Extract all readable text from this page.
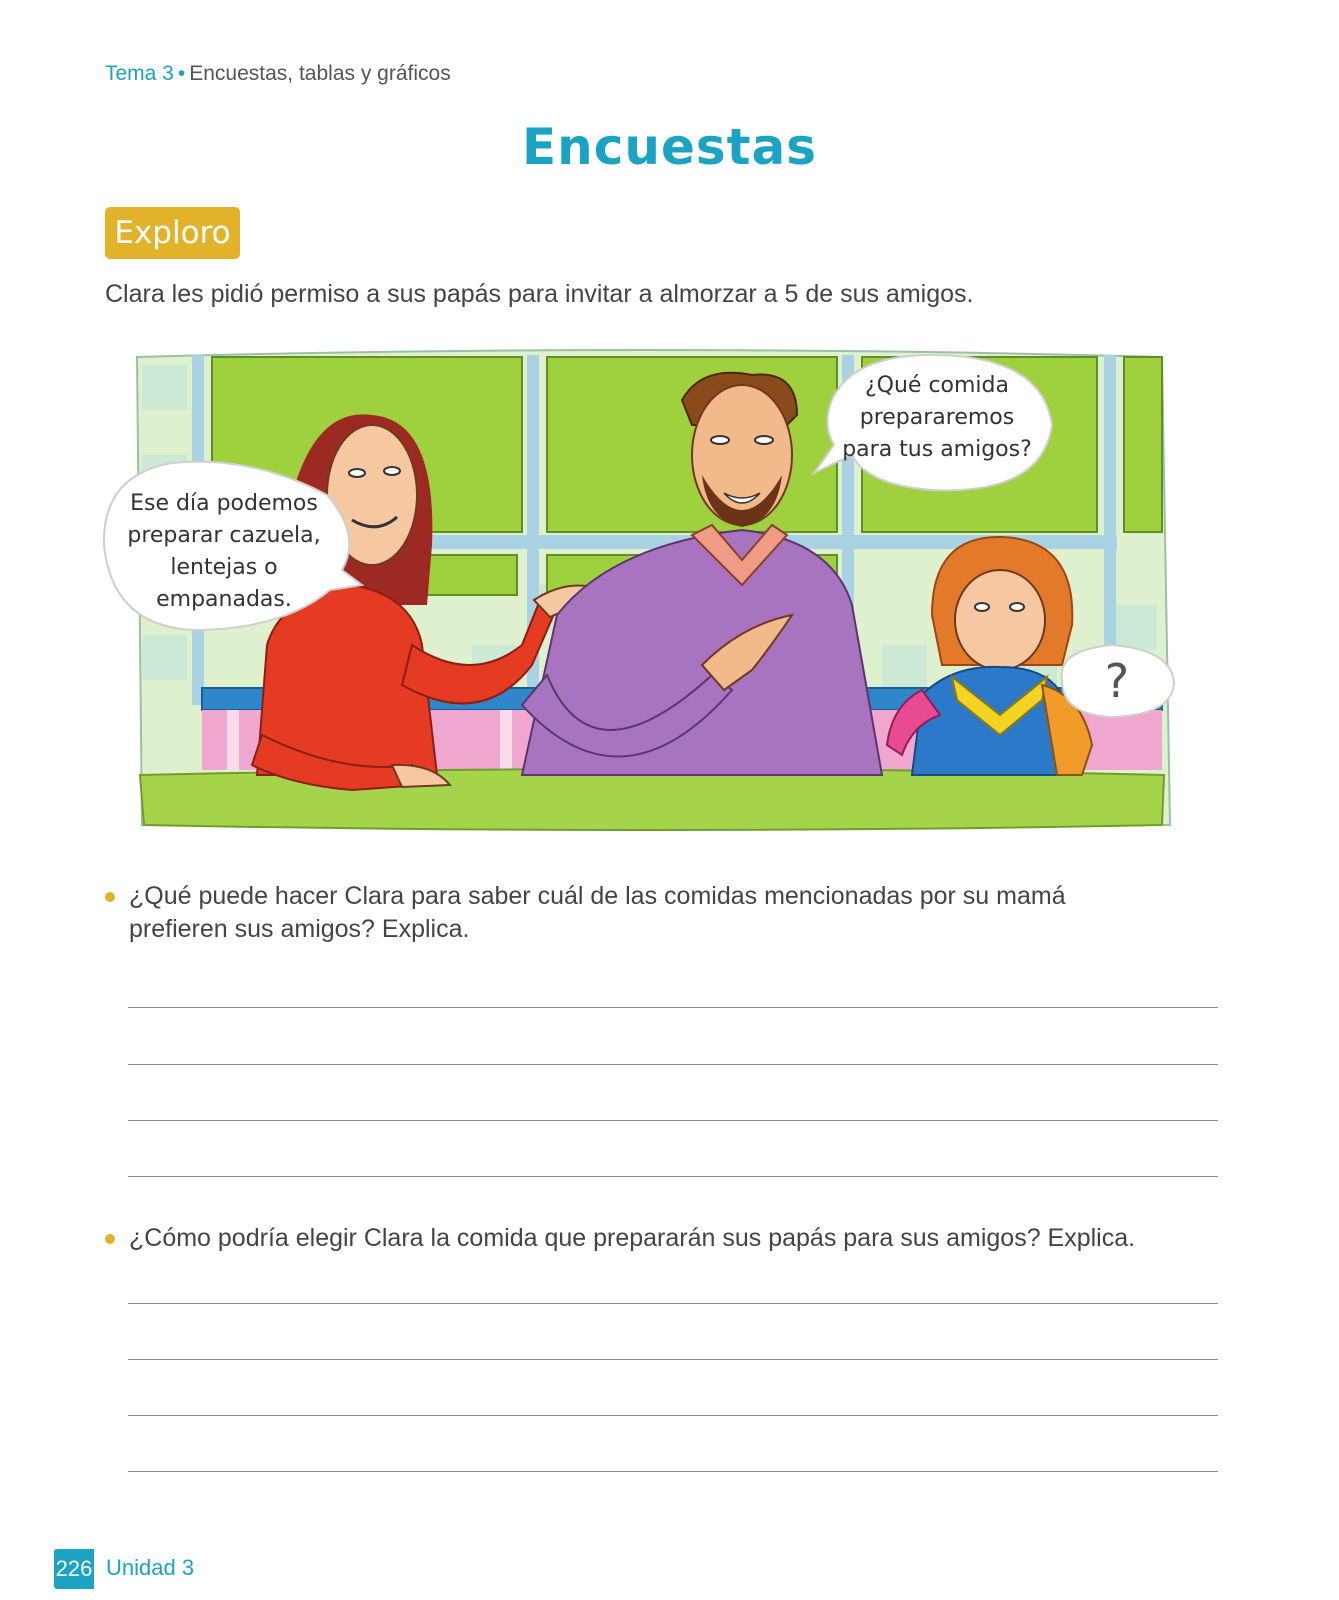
Tema 3 • Encuestas, tablas y gráficos
Encuestas
Exploro
Clara les pidió permiso a sus papás para invitar a almorzar a 5 de sus amigos.
Ese día podemos
preparar cazuela,
lentejas o
empanadas.
¿Qué comida
prepararemos
para tus amigos?
?
¿Qué puede hacer Clara para saber cuál de las comidas mencionadas por su mamá prefieren sus amigos? Explica.
¿Cómo podría elegir Clara la comida que prepararán sus papás para sus amigos? Explica.
226 Unidad 3
